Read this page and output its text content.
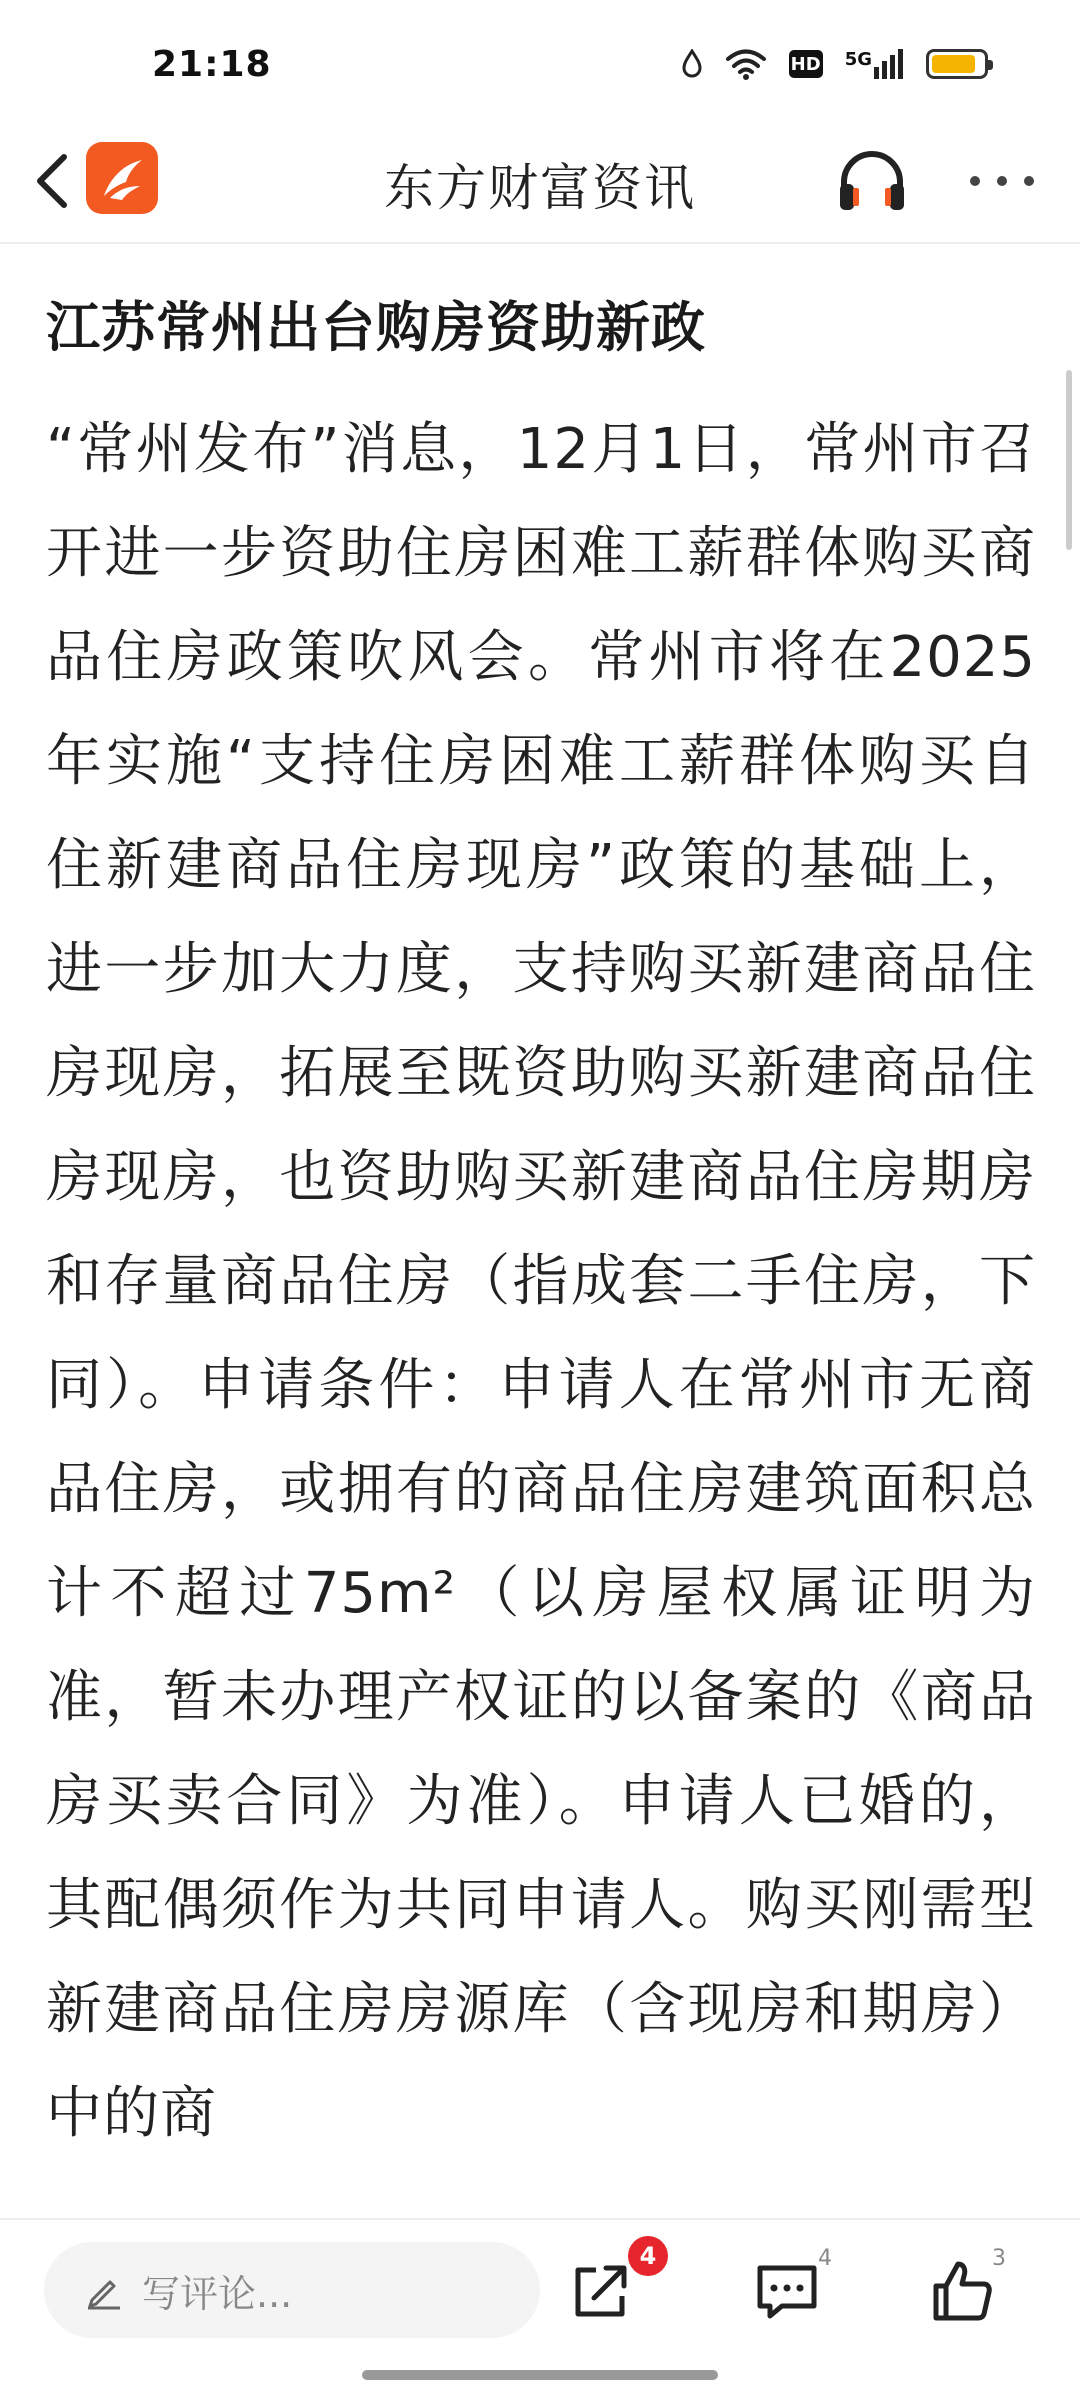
21:18	HD 5G
东方财富资讯
江苏常州出台购房资助新政
“常州发布”消息，12月1日，常州市召开进一步资助住房困难工薪群体购买商品住房政策吹风会。常州市将在2025年实施“支持住房困难工薪群体购买自住新建商品住房现房”政策的基础上，进一步加大力度，支持购买新建商品住房现房，拓展至既资助购买新建商品住房现房，也资助购买新建商品住房期房和存量商品住房（指成套二手住房，下同）。申请条件：申请人在常州市无商品住房，或拥有的商品住房建筑面积总计不超过75m²（以房屋权属证明为准，暂未办理产权证的以备案的《商品房买卖合同》为准）。申请人已婚的，其配偶须作为共同申请人。购买刚需型新建商品住房房源库（含现房和期房）中的商
写评论...
4	4	3
